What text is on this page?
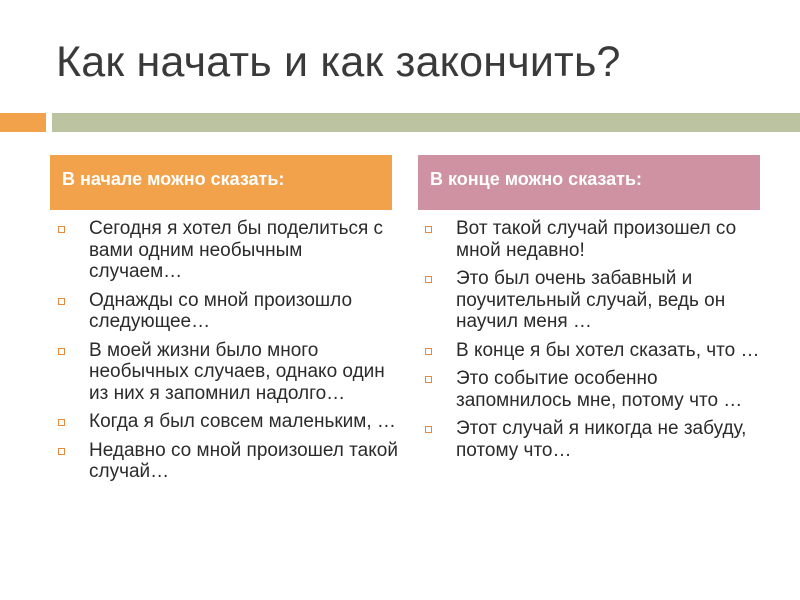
Как начать и как закончить?
В начале можно сказать:	В конце можно сказать:
Сегодня я хотел бы поделиться с вами одним необычным случаем…
Однажды со мной произошло следующее…
В моей жизни было много необычных случаев, однако один из них я запомнил надолго…
Когда я был совсем маленьким, …
Недавно со мной произошел такой случай…
Вот такой случай произошел со мной недавно!
Это был очень забавный и поучительный случай, ведь он научил меня …
В конце я бы хотел сказать, что …
Это событие особенно запомнилось мне, потому что …
Этот случай я никогда не забуду, потому что…
